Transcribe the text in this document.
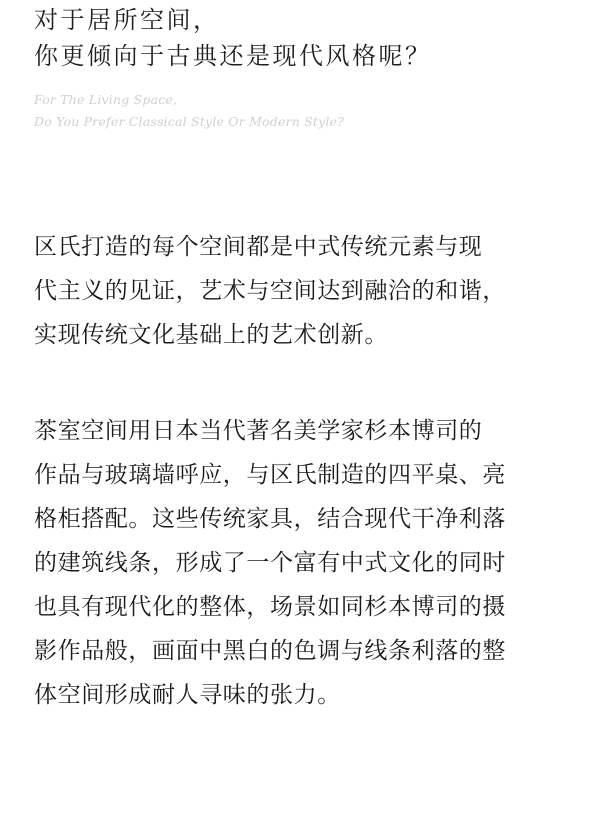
对于居所空间，
你更倾向于古典还是现代风格呢？
For The Living Space,
Do You Prefer Classical Style Or Modern Style?
区氏打造的每个空间都是中式传统元素与现
代主义的见证，艺术与空间达到融洽的和谐，
实现传统文化基础上的艺术创新。
茶室空间用日本当代著名美学家杉本博司的
作品与玻璃墙呼应，与区氏制造的四平桌、亮
格柜搭配。这些传统家具，结合现代干净利落
的建筑线条，形成了一个富有中式文化的同时
也具有现代化的整体，场景如同杉本博司的摄
影作品般，画面中黑白的色调与线条利落的整
体空间形成耐人寻味的张力。
